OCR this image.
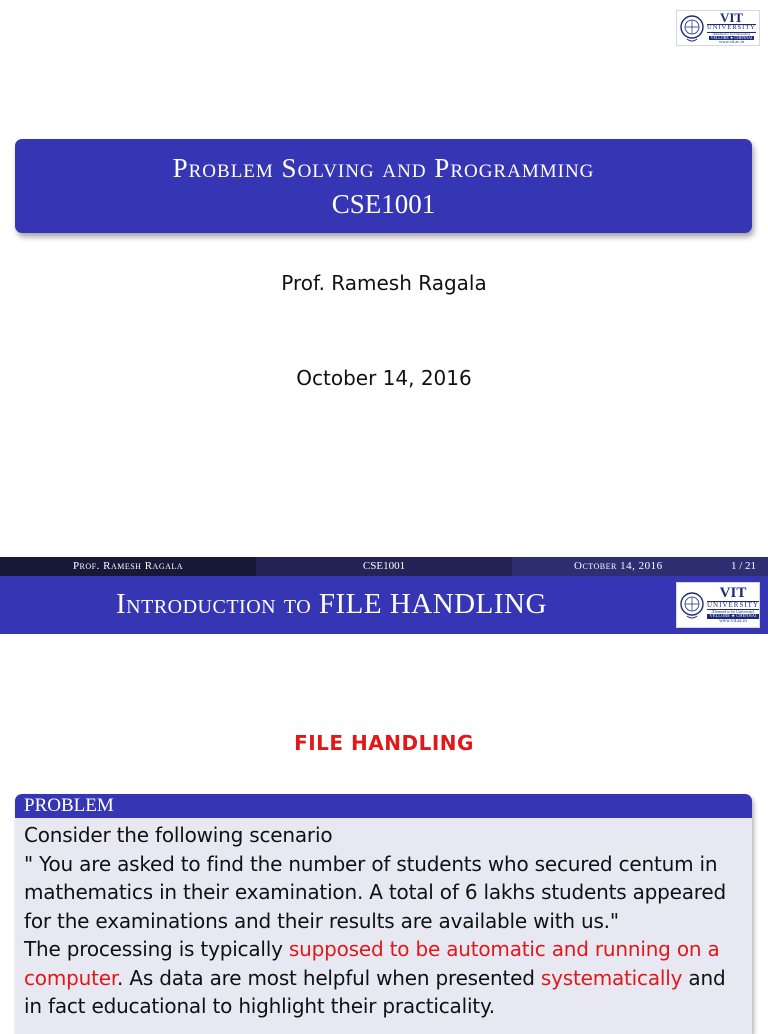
VIT
UNIVERSITY
(Deemed to be University)
VELLORE ★ CHENNAI
www.vit.ac.in
Problem Solving and Programming
CSE1001
Prof. Ramesh Ragala
October 14, 2016
Prof. Ramesh Ragala	CSE1001	October 14, 2016	1 / 21
Introduction to FILE HANDLING	VIT
UNIVERSITY
(Deemed to be University)
VELLORE ★ CHENNAI
www.vit.ac.in
FILE HANDLING
PROBLEM
Consider the following scenario
" You are asked to find the number of students who secured centum in mathematics in their examination. A total of 6 lakhs students appeared for the examinations and their results are available with us."
The processing is typically supposed to be automatic and running on a computer. As data are most helpful when presented systematically and in fact educational to highlight their practicality.
